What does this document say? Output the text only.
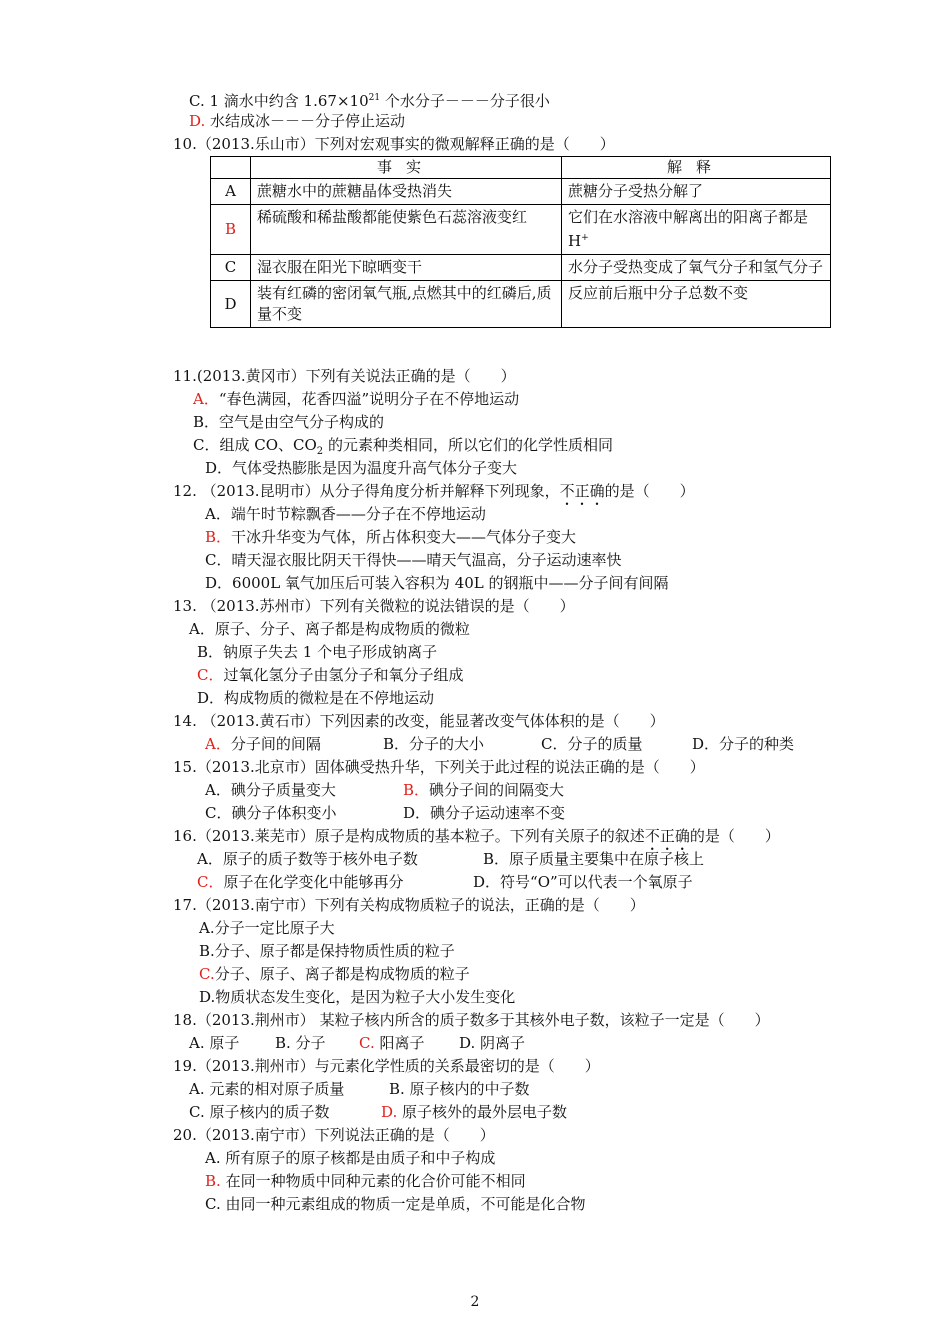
C. 1 滴水中约含 $1.67\times 10^{21}$ 个水分子－－－分子很小
D. 水结成冰－－－分子停止运动
10.（2013.乐山市）下列对宏观事实的微观解释正确的是（　　）
	事实	解释
A	蔗糖水中的蔗糖晶体受热消失	蔗糖分子受热分解了
B	稀硫酸和稀盐酸都能使紫色石蕊溶液变红	它们在水溶液中解离出的阳离子都是 H+
C	湿衣服在阳光下晾晒变干	水分子受热变成了氧气分子和氢气分子
D	装有红磷的密闭氧气瓶,点燃其中的红磷后,质量不变	反应前后瓶中分子总数不变
11.(2013.黄冈市）下列有关说法正确的是（　　）
A．“春色满园，花香四溢”说明分子在不停地运动
B．空气是由空气分子构成的
C．组成 CO、$CO_2$ 的元素种类相同，所以它们的化学性质相同
D．气体受热膨胀是因为温度升高气体分子变大
12. （2013.昆明市）从分子得角度分析并解释下列现象，不正确的是（　　）
A．端午时节粽飘香——分子在不停地运动
B．干冰升华变为气体，所占体积变大——气体分子变大
C．晴天湿衣服比阴天干得快——晴天气温高，分子运动速率快
D．6000L 氧气加压后可装入容积为 40L 的钢瓶中——分子间有间隔
13. （2013.苏州市）下列有关微粒的说法错误的是（　　）
A．原子、分子、离子都是构成物质的微粒
B．钠原子失去 1 个电子形成钠离子
C．过氧化氢分子由氢分子和氧分子组成
D．构成物质的微粒是在不停地运动
14. （2013.黄石市）下列因素的改变，能显著改变气体体积的是（　　）
A．分子间的间隔	B．分子的大小	C．分子的质量	D．分子的种类
15.（2013.北京市）固体碘受热升华，下列关于此过程的说法正确的是（　　）
A．碘分子质量变大	B．碘分子间的间隔变大
C．碘分子体积变小	D．碘分子运动速率不变
16.（2013.莱芜市）原子是构成物质的基本粒子。下列有关原子的叙述不正确的是（　　）
A．原子的质子数等于核外电子数	B．原子质量主要集中在原子核上
C．原子在化学变化中能够再分	D．符号“O”可以代表一个氧原子
17.（2013.南宁市）下列有关构成物质粒子的说法，正确的是（　　）
A.分子一定比原子大
B.分子、原子都是保持物质性质的粒子
C.分子、原子、离子都是构成物质的粒子
D.物质状态发生变化，是因为粒子大小发生变化
18.（2013.荆州市） 某粒子核内所含的质子数多于其核外电子数，该粒子一定是（　　）
A. 原子 B. 分子 C. 阳离子 D. 阴离子
19.（2013.荆州市）与元素化学性质的关系最密切的是（　　）
A. 元素的相对原子质量	B. 原子核内的中子数
C. 原子核内的质子数	D. 原子核外的最外层电子数
20.（2013.南宁市）下列说法正确的是（　　）
A. 所有原子的原子核都是由质子和中子构成
B. 在同一种物质中同种元素的化合价可能不相同
C. 由同一种元素组成的物质一定是单质，不可能是化合物
2
